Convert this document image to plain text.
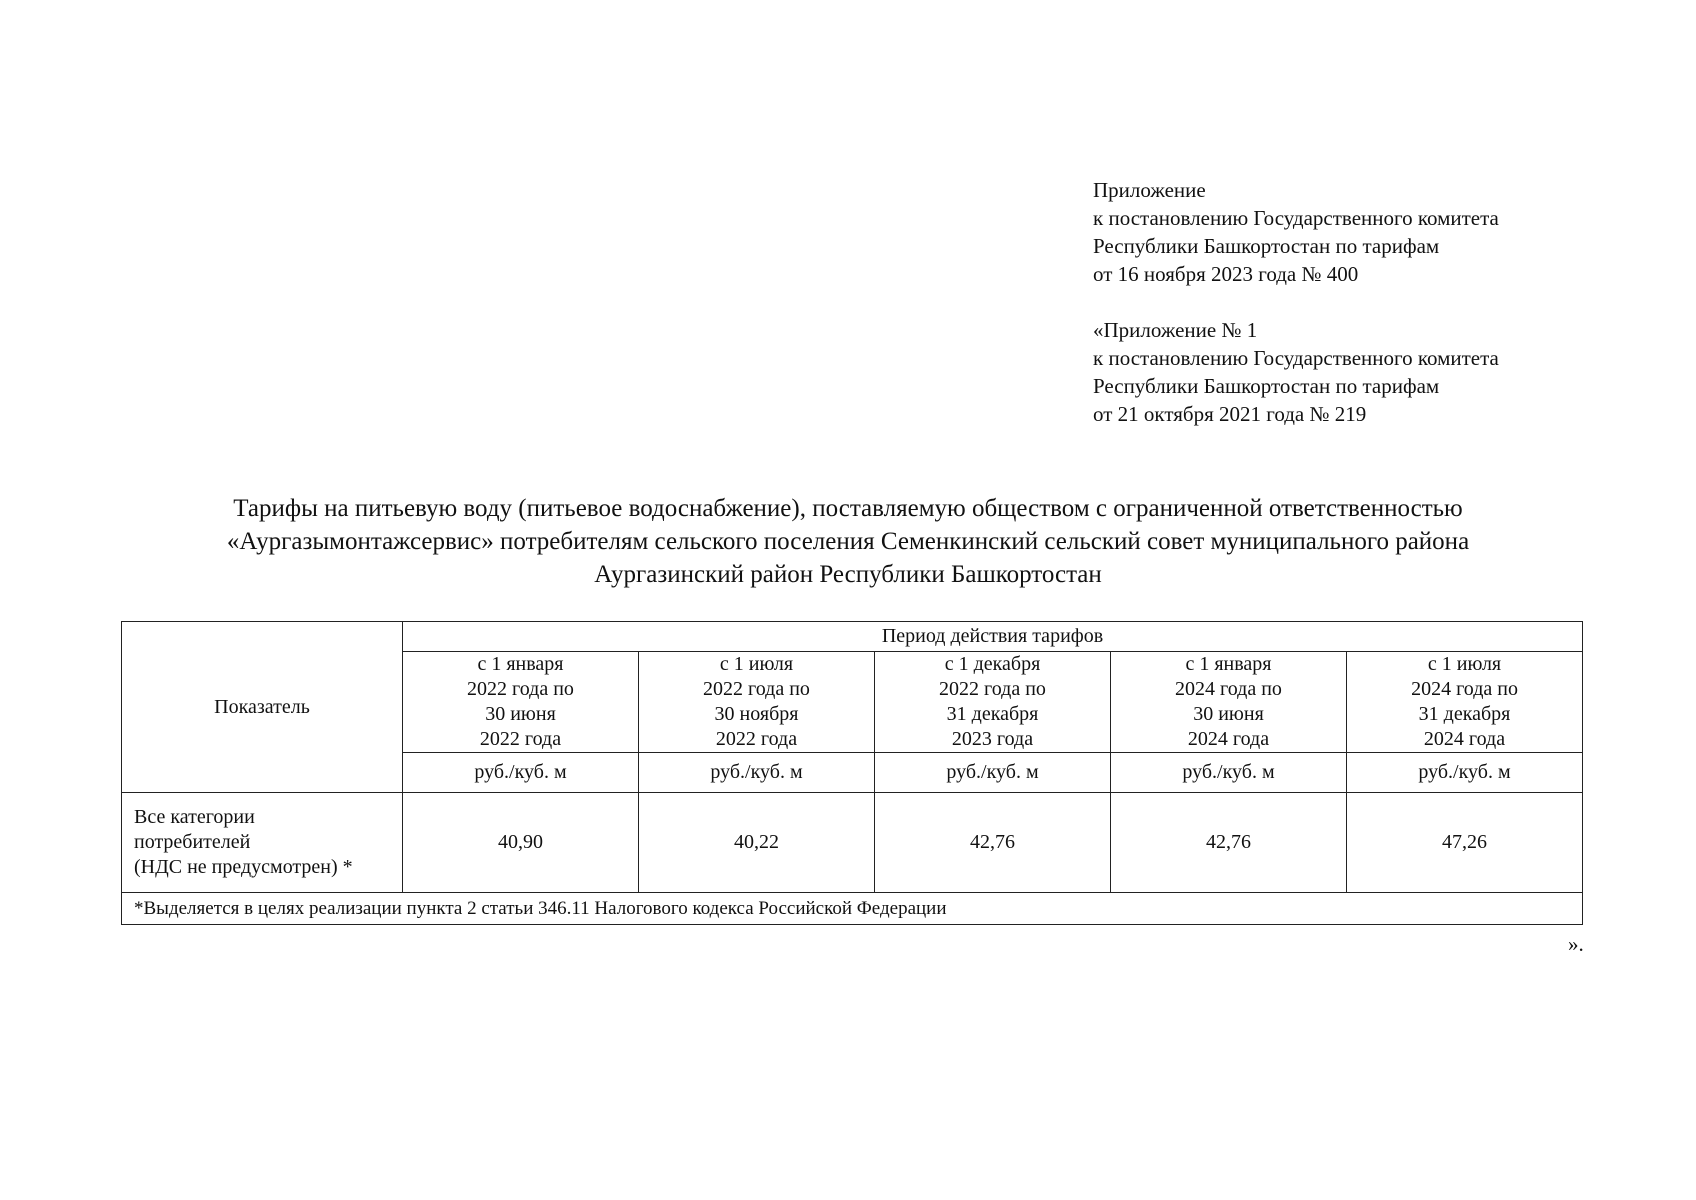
Приложение
к постановлению Государственного комитета
Республики Башкортостан по тарифам
от 16 ноября 2023 года № 400
«Приложение № 1
к постановлению Государственного комитета
Республики Башкортостан по тарифам
от 21 октября 2021 года № 219
Тарифы на питьевую воду (питьевое водоснабжение), поставляемую обществом с ограниченной ответственностью
«Аургазымонтажсервис» потребителям сельского поселения Семенкинский сельский совет муниципального района
Аургазинский район Республики Башкортостан
Показатель	Период действия тарифов				

	с 1 января
2022 года по
30 июня
2022 года	с 1 июля
2022 года по
30 ноября
2022 года	с 1 декабря
2022 года по
31 декабря
2023 года	с 1 января
2024 года по
30 июня
2024 года	с 1 июля
2024 года по
31 декабря
2024 года

	руб./куб. м	руб./куб. м	руб./куб. м	руб./куб. м	руб./куб. м

Все категории
потребителей
(НДС не предусмотрен) *	40,90	40,22	42,76	42,76	47,26
*Выделяется в целях реализации пункта 2 статьи 346.11 Налогового кодекса Российской Федерации					
».
